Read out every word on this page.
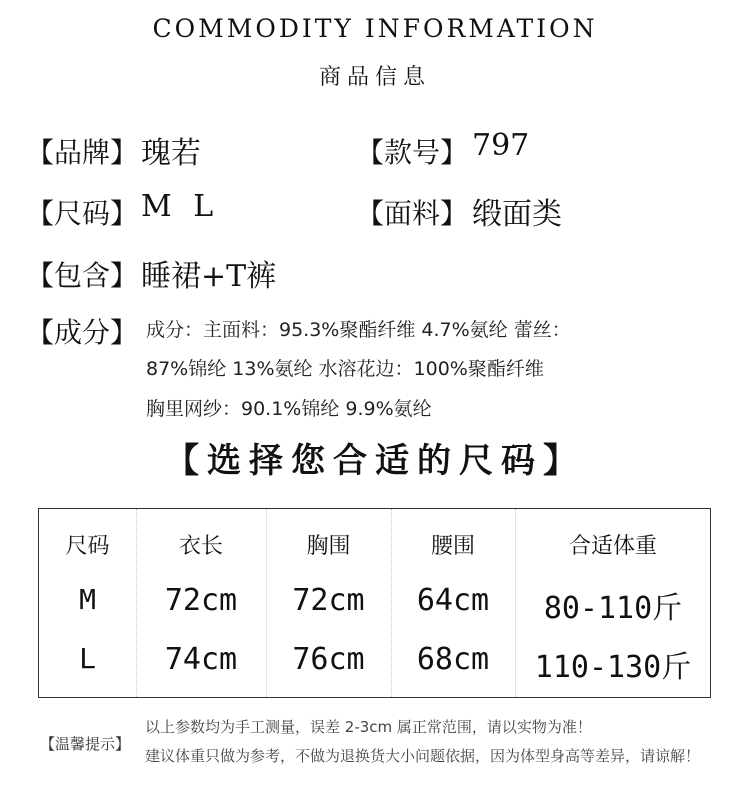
COMMODITY INFORMATION
商品信息
【品牌】 瑰若	【款号】 797
【尺码】 M L	【面料】 缎面类
【包含】 睡裙+T裤
【成分】 成分：主面料：95.3%聚酯纤维 4.7%氨纶 蕾丝：
87%锦纶 13%氨纶 水溶花边：100%聚酯纤维
胸里网纱：90.1%锦纶 9.9%氨纶
【选择您合适的尺码】
尺码	衣长	胸围	腰围	合适体重
M	72cm	72cm	64cm	80-110斤
L	74cm	76cm	68cm	110-130斤
【温馨提示】
以上参数均为手工测量，误差 2-3cm 属正常范围，请以实物为准！
建议体重只做为参考，不做为退换货大小问题依据，因为体型身高等差异，请谅解！
